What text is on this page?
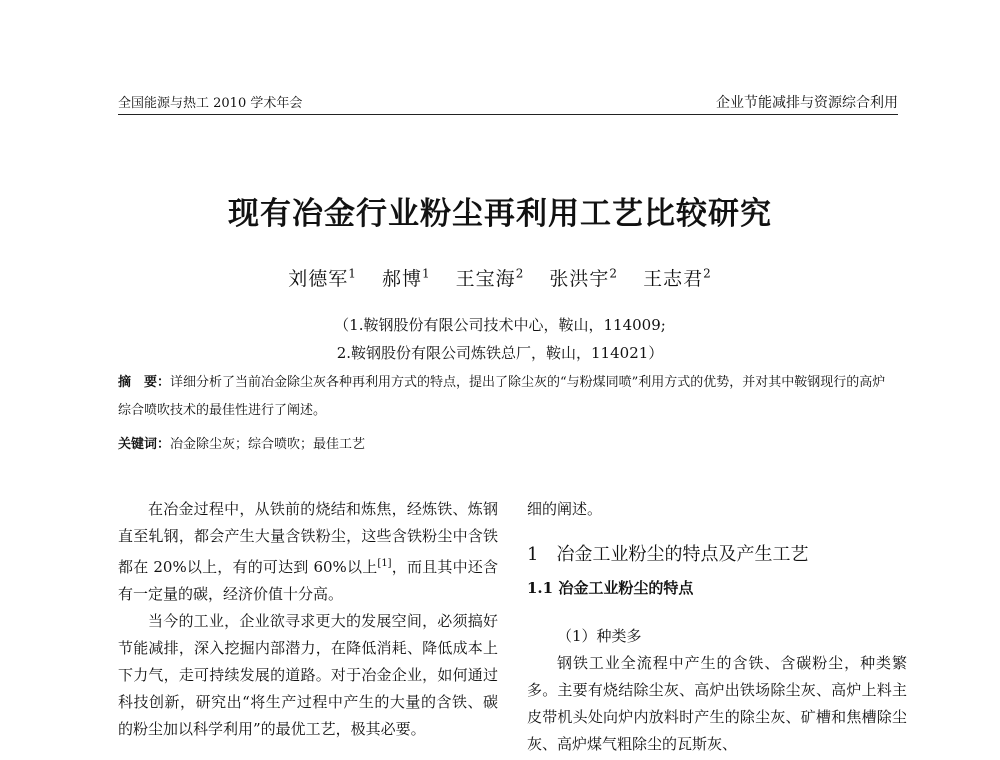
全国能源与热工 2010 学术年会	企业节能减排与资源综合利用
现有冶金行业粉尘再利用工艺比较研究
刘德军$^1$ 郝博$^1$ 王宝海$^2$ 张洪宇$^2$ 王志君$^2$
（1.鞍钢股份有限公司技术中心，鞍山，114009;
2.鞍钢股份有限公司炼铁总厂，鞍山，114021）
摘　要：详细分析了当前冶金除尘灰各种再利用方式的特点，提出了除尘灰的“与粉煤同喷”利用方式的优势，并对其中鞍钢现行的高炉综合喷吹技术的最佳性进行了阐述。
关键词：冶金除尘灰；综合喷吹；最佳工艺

在冶金过程中，从铁前的烧结和炼焦，经炼铁、炼钢直至轧钢，都会产生大量含铁粉尘，这些含铁粉尘中含铁都在 20%以上，有的可达到 60%以上[1]，而且其中还含有一定量的碳，经济价值十分高。

当今的工业，企业欲寻求更大的发展空间，必须搞好节能减排，深入挖掘内部潜力，在降低消耗、降低成本上下力气，走可持续发展的道路。对于冶金企业，如何通过科技创新，研究出“将生产过程中产生的大量的含铁、碳的粉尘加以科学利用”的最优工艺，极其必要。

细的阐述。

1　冶金工业粉尘的特点及产生工艺
1.1 冶金工业粉尘的特点
（1）种类多

钢铁工业全流程中产生的含铁、含碳粉尘，种类繁多。主要有烧结除尘灰、高炉出铁场除尘灰、高炉上料主皮带机头处向炉内放料时产生的除尘灰、矿槽和焦槽除尘灰、高炉煤气粗除尘的瓦斯灰、
